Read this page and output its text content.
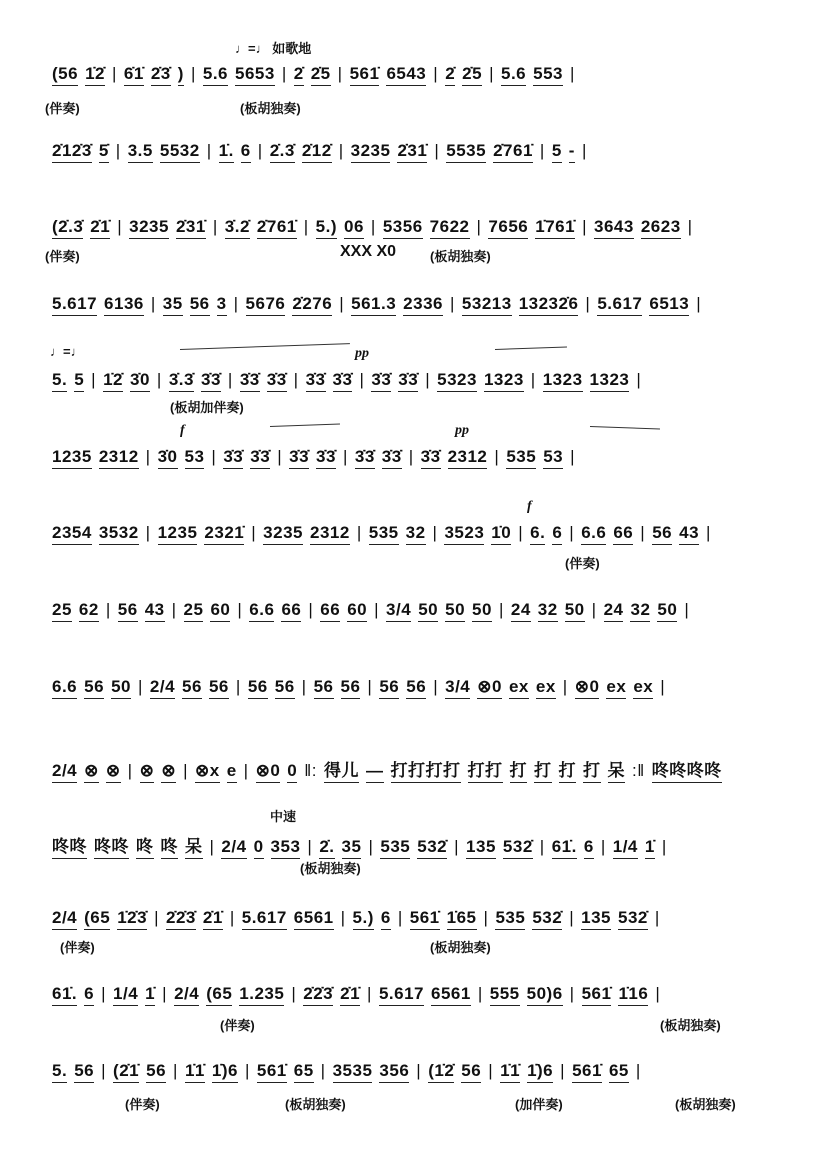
(56 1̇2̇ | 6̇1̇ 2̇3̇ ) | 5.6 5653 | 2̇ 2̇5 | 561̇ 6543 | 2̇ 2̇5 | 5.6 553 |
♩=♩ 如歌地
(伴奏)	(板胡独奏)
2̇12̇3̇ 5̇ | 3.5 5532 | 1̇. 6 | 2̇.3̇ 2̇12̇ | 3235 2̇31̇ | 5535 2̇761̇ | 5 - |
(2̇.3̇ 2̇1̇ | 3235 2̇31̇ | 3̇.2̇ 2̇761̇ | 5.) 06 | 5356 7622 | 7656 1̇761̇ | 3643 2623 |
XXX X0
(伴奏)	(板胡独奏)
5.617 6136 | 35 56 3 | 5676 2̇276 | 561.3 2336 | 53213 13232̇6 | 5.617 6513 |
5. 5 | 1̇2̇ 3̇0 | 3̇.3̇ 3̇3̇ | 3̇3̇ 3̇3̇ | 3̇3̇ 3̇3̇ | 3̇3̇ 3̇3̇ | 5323 1323 | 1323 1323 |
♩=♩	pp
(板胡加伴奏)
1235 2312 | 3̇0 53 | 3̇3̇ 3̇3̇ | 3̇3̇ 3̇3̇ | 3̇3̇ 3̇3̇ | 3̇3̇ 2312 | 535 53 |
f	pp
2354 3532 | 1235 2321̇ | 3235 2312 | 535 32 | 3523 1̇0 | 6. 6 | 6.6 66 | 56 43 |
f
(伴奏)
25 62 | 56 43 | 25 60 | 6.6 66 | 66 60 | 3/4 50 50 50 | 24 32 50 | 24 32 50 |
6.6 56 50 | 2/4 56 56 | 56 56 | 56 56 | 56 56 | 3/4 ⊗0 ex ex | ⊗0 ex ex |
2/4 ⊗ ⊗ | ⊗ ⊗ | ⊗x e | ⊗0 0 ‖: 得儿 — 打打打打 打打 打 打 打 打 呆 :‖ 咚咚咚咚
咚咚 咚咚 咚 咚 呆 | 2/4 0 353 | 2̇. 35 | 535 532̇ | 135 532̇ | 61̇. 6 | 1/4 1̇ |
中速
(板胡独奏)
2/4 (65 1̇2̇3̇ | 2̇2̇3̇ 2̇1̇ | 5.617 6561 | 5.) 6 | 561̇ 1̇65 | 535 532̇ | 135 532̇ |
(伴奏)	(板胡独奏)
61̇. 6 | 1/4 1̇ | 2/4 (65 1.235 | 2̇2̇3̇ 2̇1̇ | 5.617 6561 | 555 50)6 | 561̇ 1̇16 |
(伴奏)	(板胡独奏)
5. 56 | (2̇1̇ 56 | 1̇1̇ 1̇)6 | 561̇ 65 | 3535 356 | (1̇2̇ 56 | 1̇1̇ 1̇)6 | 561̇ 65 |
(伴奏)	(板胡独奏)	(加伴奏)	(板胡独奏)
